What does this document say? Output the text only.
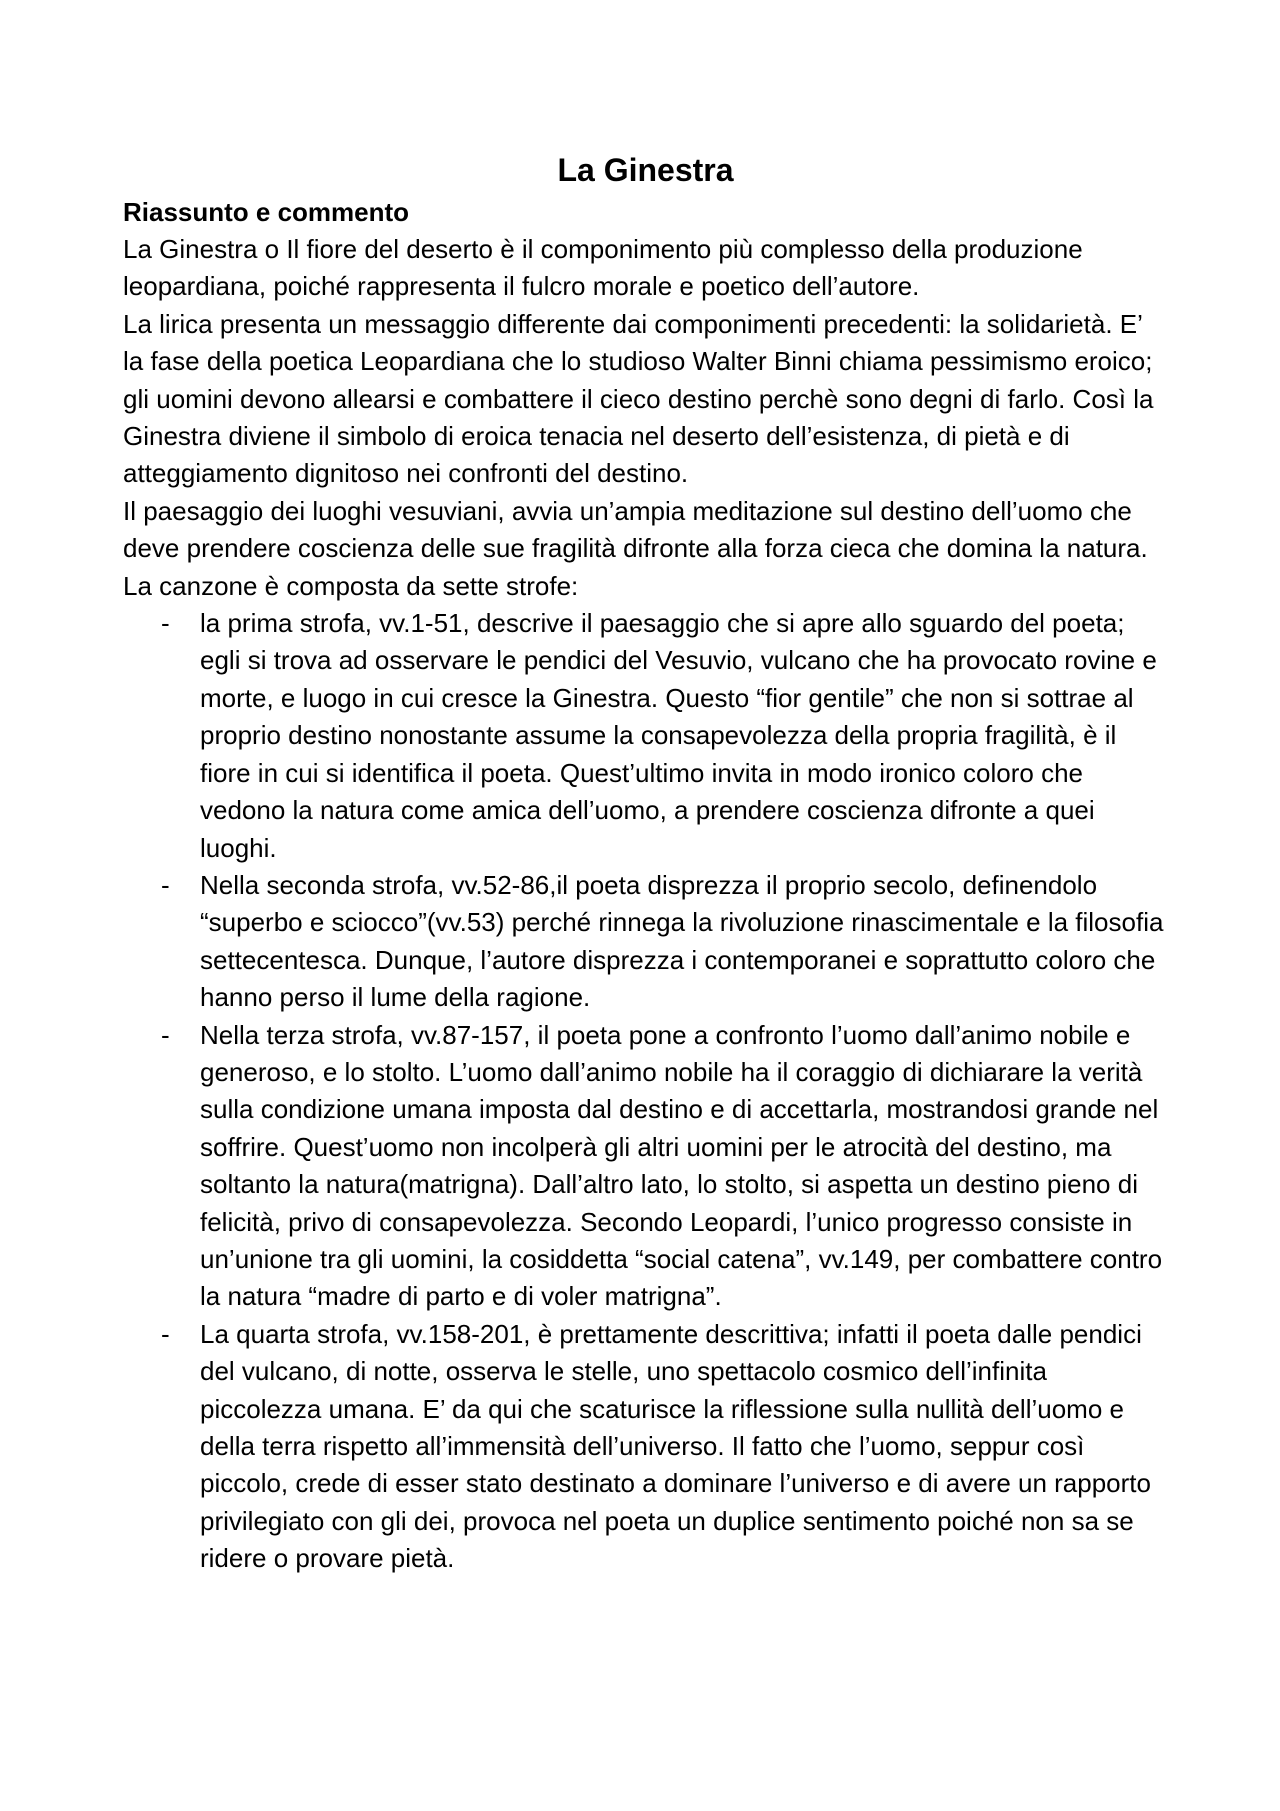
La Ginestra
Riassunto e commento

La Ginestra o Il fiore del deserto è il componimento più complesso della produzione leopardiana, poiché rappresenta il fulcro morale e poetico dell’autore.

La lirica presenta un messaggio differente dai componimenti precedenti: la solidarietà. E’ la fase della poetica Leopardiana che lo studioso Walter Binni chiama pessimismo eroico; gli uomini devono allearsi e combattere il cieco destino perchè sono degni di farlo. Così la Ginestra diviene il simbolo di eroica tenacia nel deserto dell’esistenza, di pietà e di atteggiamento dignitoso nei confronti del destino.

Il paesaggio dei luoghi vesuviani, avvia un’ampia meditazione sul destino dell’uomo che deve prendere coscienza delle sue fragilità difronte alla forza cieca che domina la natura.

La canzone è composta da sette strofe:

- la prima strofa, vv.1-51, descrive il paesaggio che si apre allo sguardo del poeta; egli si trova ad osservare le pendici del Vesuvio, vulcano che ha provocato rovine e morte, e luogo in cui cresce la Ginestra. Questo “fior gentile” che non si sottrae al proprio destino nonostante assume la consapevolezza della propria fragilità, è il fiore in cui si identifica il poeta. Quest’ultimo invita in modo ironico coloro che vedono la natura come amica dell’uomo, a prendere coscienza difronte a quei luoghi.
- Nella seconda strofa, vv.52-86,il poeta disprezza il proprio secolo, definendolo “superbo e sciocco”(vv.53) perché rinnega la rivoluzione rinascimentale e la filosofia settecentesca. Dunque, l’autore disprezza i contemporanei e soprattutto coloro che hanno perso il lume della ragione.
- Nella terza strofa, vv.87-157, il poeta pone a confronto l’uomo dall’animo nobile e generoso, e lo stolto. L’uomo dall’animo nobile ha il coraggio di dichiarare la verità sulla condizione umana imposta dal destino e di accettarla, mostrandosi grande nel soffrire. Quest’uomo non incolperà gli altri uomini per le atrocità del destino, ma soltanto la natura(matrigna). Dall’altro lato, lo stolto, si aspetta un destino pieno di felicità, privo di consapevolezza. Secondo Leopardi, l’unico progresso consiste in un’unione tra gli uomini, la cosiddetta “social catena”, vv.149, per combattere contro la natura “madre di parto e di voler matrigna”.
- La quarta strofa, vv.158-201, è prettamente descrittiva; infatti il poeta dalle pendici del vulcano, di notte, osserva le stelle, uno spettacolo cosmico dell’infinita piccolezza umana. E’ da qui che scaturisce la riflessione sulla nullità dell’uomo e della terra rispetto all’immensità dell’universo. Il fatto che l’uomo, seppur così piccolo, crede di esser stato destinato a dominare l’universo e di avere un rapporto privilegiato con gli dei, provoca nel poeta un duplice sentimento poiché non sa se ridere o provare pietà.
